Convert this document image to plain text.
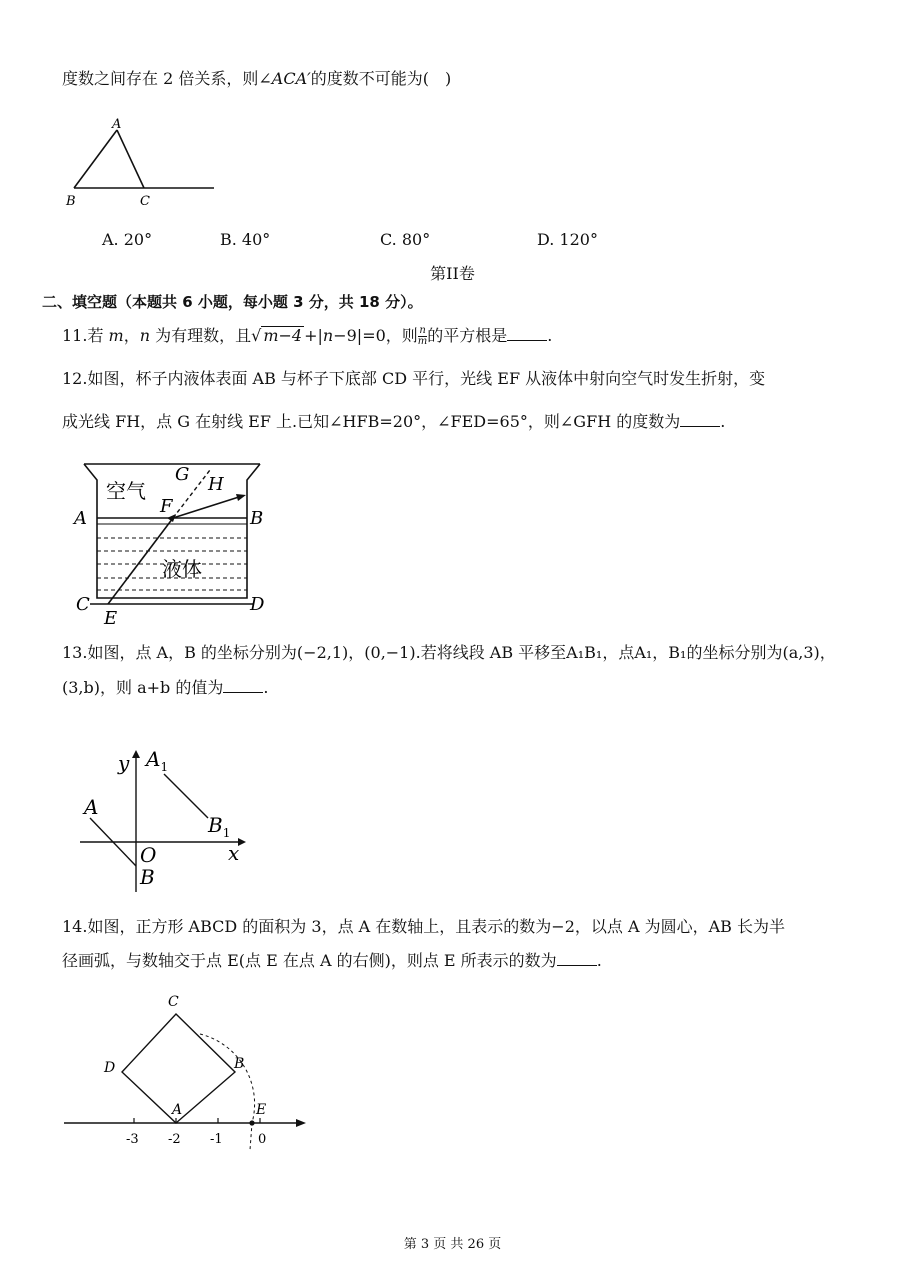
度数之间存在 2 倍关系，则∠ACA′的度数不可能为(　)
A
B	C
A. 20°	B. 40°	C. 80°	D. 120°
第II卷
二、填空题（本题共 6 小题，每小题 3 分，共 18 分）。
11.若 m，n 为有理数，且√ m−4 +|n−9|=0，则 $\frac{n}{m}$ 的平方根是	.
12.如图，杯子内液体表面 AB 与杯子下底部 CD 平行，光线 EF 从液体中射向空气时发生折射，变
成光线 FH，点 G 在射线 EF 上.已知∠HFB=20°，∠FED=65°，则∠GFH 的度数为	.
空气
液体
A	B
C	D
E
F
G H
13.如图，点 A，B 的坐标分别为(−2,1)，(0,−1).若将线段 AB 平移至A₁B₁，点A₁，B₁的坐标分别为(a,3)，
(3,b)，则 a+b 的值为	.
y
x
O
A
B
$A_1$
$B_1$
14.如图，正方形 ABCD 的面积为 3，点 A 在数轴上，且表示的数为−2，以点 A 为圆心，AB 长为半
径画弧，与数轴交于点 E(点 E 在点 A 的右侧)，则点 E 所表示的数为	.
A
B
C
D
E
-3 -2 -1	0
第 3 页 共 26 页
